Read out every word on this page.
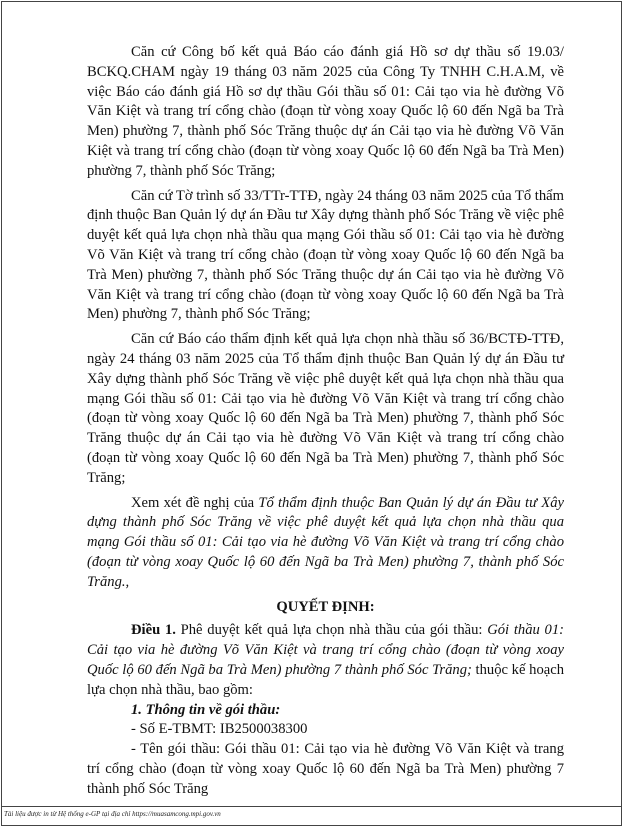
Căn cứ Công bố kết quả Báo cáo đánh giá Hồ sơ dự thầu số 19.03/ BCKQ.CHAM ngày 19 tháng 03 năm 2025 của Công Ty TNHH C.H.A.M, về việc Báo cáo đánh giá Hồ sơ dự thầu Gói thầu số 01: Cải tạo via hè đường Võ Văn Kiệt và trang trí cổng chào (đoạn từ vòng xoay Quốc lộ 60 đến Ngã ba Trà Men) phường 7, thành phố Sóc Trăng thuộc dự án Cải tạo via hè đường Võ Văn Kiệt và trang trí cổng chào (đoạn từ vòng xoay Quốc lộ 60 đến Ngã ba Trà Men) phường 7, thành phố Sóc Trăng;

Căn cứ Tờ trình số 33/TTr-TTĐ, ngày 24 tháng 03 năm 2025 của Tổ thẩm định thuộc Ban Quản lý dự án Đầu tư Xây dựng thành phố Sóc Trăng về việc phê duyệt kết quả lựa chọn nhà thầu qua mạng Gói thầu số 01: Cải tạo via hè đường Võ Văn Kiệt và trang trí cổng chào (đoạn từ vòng xoay Quốc lộ 60 đến Ngã ba Trà Men) phường 7, thành phố Sóc Trăng thuộc dự án Cải tạo via hè đường Võ Văn Kiệt và trang trí cổng chào (đoạn từ vòng xoay Quốc lộ 60 đến Ngã ba Trà Men) phường 7, thành phố Sóc Trăng;

Căn cứ Báo cáo thẩm định kết quả lựa chọn nhà thầu số 36/BCTĐ-TTĐ, ngày 24 tháng 03 năm 2025 của Tổ thẩm định thuộc Ban Quản lý dự án Đầu tư Xây dựng thành phố Sóc Trăng về việc phê duyệt kết quả lựa chọn nhà thầu qua mạng Gói thầu số 01: Cải tạo via hè đường Võ Văn Kiệt và trang trí cổng chào (đoạn từ vòng xoay Quốc lộ 60 đến Ngã ba Trà Men) phường 7, thành phố Sóc Trăng thuộc dự án Cải tạo via hè đường Võ Văn Kiệt và trang trí cổng chào (đoạn từ vòng xoay Quốc lộ 60 đến Ngã ba Trà Men) phường 7, thành phố Sóc Trăng;

Xem xét đề nghị của Tổ thẩm định thuộc Ban Quản lý dự án Đầu tư Xây dựng thành phố Sóc Trăng về việc phê duyệt kết quả lựa chọn nhà thầu qua mạng Gói thầu số 01: Cải tạo via hè đường Võ Văn Kiệt và trang trí cổng chào (đoạn từ vòng xoay Quốc lộ 60 đến Ngã ba Trà Men) phường 7, thành phố Sóc Trăng.,

QUYẾT ĐỊNH:

Điều 1. Phê duyệt kết quả lựa chọn nhà thầu của gói thầu: Gói thầu 01: Cải tạo via hè đường Võ Văn Kiệt và trang trí cổng chào (đoạn từ vòng xoay Quốc lộ 60 đến Ngã ba Trà Men) phường 7 thành phố Sóc Trăng; thuộc kế hoạch lựa chọn nhà thầu, bao gồm:

1. Thông tin về gói thầu:

- Số E-TBMT: IB2500038300

- Tên gói thầu: Gói thầu 01: Cải tạo via hè đường Võ Văn Kiệt và trang trí cổng chào (đoạn từ vòng xoay Quốc lộ 60 đến Ngã ba Trà Men) phường 7 thành phố Sóc Trăng

Tài liệu được in từ Hệ thống e-GP tại địa chỉ https://muasamcong.mpi.gov.vn
